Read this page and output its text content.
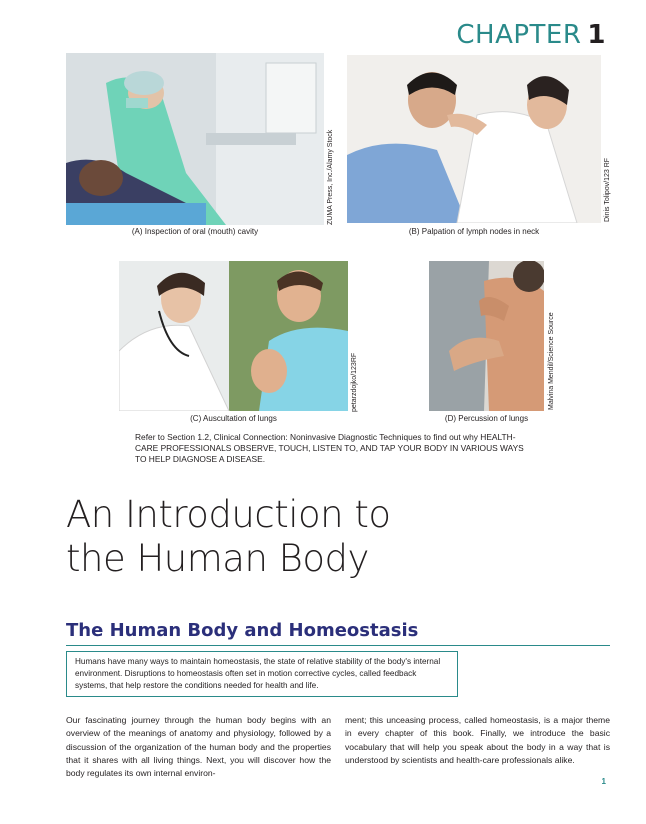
CHAPTER 1
(A) Inspection of oral (mouth) cavity
ZUMA Press, Inc./Alamy Stock
(B) Palpation of lymph nodes in neck
Dinis Tolipov/123 RF
(C) Auscultation of lungs
petarzdojko/123RF
(D) Percussion of lungs
Malvina Mendil/Science Source
Refer to Section 1.2, Clinical Connection: Noninvasive Diagnostic Techniques to find out why HEALTH-CARE PROFESSIONALS OBSERVE, TOUCH, LISTEN TO, AND TAP YOUR BODY IN VARIOUS WAYS TO HELP DIAGNOSE A DISEASE.
An Introduction to
the Human Body
The Human Body and Homeostasis
Humans have many ways to maintain homeostasis, the state of relative stability of the body's internal environment. Disruptions to homeostasis often set in motion corrective cycles, called feedback systems, that help restore the conditions needed for health and life.
Our fascinating journey through the human body begins with an overview of the meanings of anatomy and physiology, followed by a discussion of the organization of the human body and the properties that it shares with all living things. Next, you will discover how the body regulates its own internal environ-
ment; this unceasing process, called homeostasis, is a major theme in every chapter of this book. Finally, we introduce the basic vocabulary that will help you speak about the body in a way that is understood by scientists and health-care professionals alike.
1
